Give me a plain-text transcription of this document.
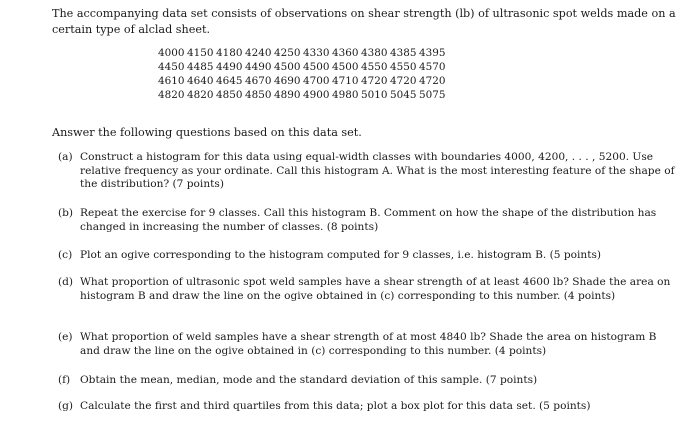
The accompanying data set consists of observations on shear strength (lb) of ultrasonic spot welds made on a certain type of alclad sheet.

4000	4150	4180	4240	4250	4330	4360	4380	4385	4395
4450	4485	4490	4490	4500	4500	4500	4550	4550	4570
4610	4640	4645	4670	4690	4700	4710	4720	4720	4720
4820	4820	4850	4850	4890	4900	4980	5010	5045	5075

Answer the following questions based on this data set.

(a) Construct a histogram for this data using equal-width classes with boundaries 4000, 4200, . . . , 5200. Use relative frequency as your ordinate. Call this histogram A. What is the most interesting feature of the shape of the distribution? (7 points)
(b) Repeat the exercise for 9 classes. Call this histogram B. Comment on how the shape of the distribution has changed in increasing the number of classes. (8 points)
(c) Plot an ogive corresponding to the histogram computed for 9 classes, i.e. histogram B. (5 points)
(d) What proportion of ultrasonic spot weld samples have a shear strength of at least 4600 lb? Shade the area on histogram B and draw the line on the ogive obtained in (c) corresponding to this number. (4 points)
(e) What proportion of weld samples have a shear strength of at most 4840 lb? Shade the area on histogram B and draw the line on the ogive obtained in (c) corresponding to this number. (4 points)
(f) Obtain the mean, median, mode and the standard deviation of this sample. (7 points)
(g) Calculate the first and third quartiles from this data; plot a box plot for this data set. (5 points)
